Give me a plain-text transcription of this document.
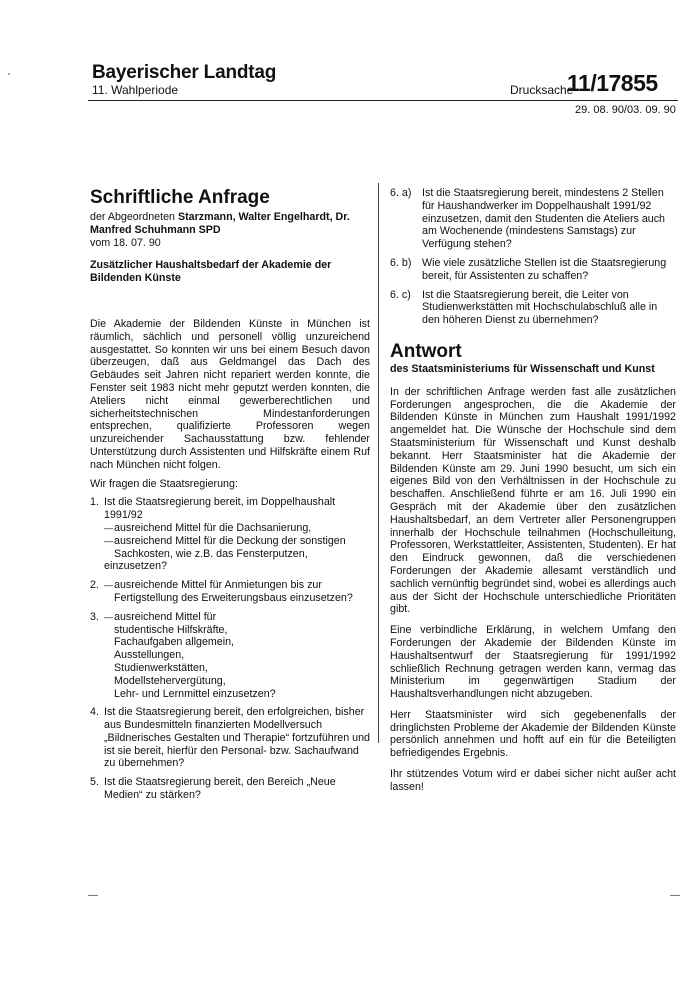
Bayerischer Landtag
11. Wahlperiode	Drucksache
11/17855
29. 08. 90/03. 09. 90
Schriftliche Anfrage

der Abgeordneten Starzmann, Walter Engelhardt, Dr. Manfred Schuhmann SPD

vom 18. 07. 90

Zusätzlicher Haushaltsbedarf der Akademie der Bildenden Künste

Die Akademie der Bildenden Künste in München ist räumlich, sächlich und personell völlig unzureichend ausgestattet. So konnten wir uns bei einem Besuch davon überzeugen, daß aus Geldmangel das Dach des Gebäudes seit Jahren nicht repariert werden konnte, die Fenster seit 1983 nicht mehr geputzt werden konnten, die Ateliers nicht einmal gewerberechtlichen und sicherheitstechnischen Mindestanforderungen entsprechen, qualifizierte Professoren wegen unzureichender Sachausstattung bzw. fehlender Unterstützung durch Assistenten und Hilfskräfte einem Ruf nach München nicht folgen.

Wir fragen die Staatsregierung:

1. Ist die Staatsregierung bereit, im Doppelhaushalt 1991/92
— ausreichend Mittel für die Dachsanierung,
— ausreichend Mittel für die Deckung der sonstigen Sachkosten, wie z.B. das Fensterputzen,

einzusetzen?

2.	— ausreichende Mittel für Anmietungen bis zur Fertigstellung des Erweiterungsbaus einzusetzen?
3.	— ausreichend Mittel für
studentische Hilfskräfte,
Fachaufgaben allgemein,
Ausstellungen,
Studienwerkstätten,
Modellstehervergütung,
Lehr- und Lernmittel einzusetzen?
4. Ist die Staatsregierung bereit, den erfolgreichen, bisher aus Bundesmitteln finanzierten Modellversuch „Bildnerisches Gestalten und Therapie“ fortzuführen und ist sie bereit, hierfür den Personal- bzw. Sachaufwand zu übernehmen?
5. Ist die Staatsregierung bereit, den Bereich „Neue Medien“ zu stärken?
6. a) Ist die Staatsregierung bereit, mindestens 2 Stellen für Haushandwerker im Doppelhaushalt 1991/92 einzusetzen, damit den Studenten die Ateliers auch am Wochenende (mindestens Samstags) zur Verfügung stehen?
6. b) Wie viele zusätzliche Stellen ist die Staatsregierung bereit, für Assistenten zu schaffen?
6. c) Ist die Staatsregierung bereit, die Leiter von Studienwerkstätten mit Hochschulabschluß alle in den höheren Dienst zu übernehmen?
Antwort

des Staatsministeriums für Wissenschaft und Kunst

In der schriftlichen Anfrage werden fast alle zusätzlichen Forderungen angesprochen, die die Akademie der Bildenden Künste in München zum Haushalt 1991/1992 angemeldet hat. Die Wünsche der Hochschule sind dem Staatsministerium für Wissenschaft und Kunst deshalb bekannt. Herr Staatsminister hat die Akademie der Bildenden Künste am 29. Juni 1990 besucht, um sich ein eigenes Bild von den Verhältnissen in der Hochschule zu beschaffen. Anschließend führte er am 16. Juli 1990 ein Gespräch mit der Akademie über den zusätzlichen Haushaltsbedarf, an dem Vertreter aller Personengruppen innerhalb der Hochschule teilnahmen (Hochschulleitung, Professoren, Werkstattleiter, Assistenten, Studenten). Er hat den Eindruck gewonnen, daß die verschiedenen Forderungen der Akademie allesamt verständlich und sachlich vernünftig begründet sind, wobei es allerdings auch aus der Sicht der Hochschule unterschiedliche Prioritäten gibt.

Eine verbindliche Erklärung, in welchem Umfang den Forderungen der Akademie der Bildenden Künste im Haushaltsentwurf der Staatsregierung für 1991/1992 schließlich Rechnung getragen werden kann, vermag das Ministerium im gegenwärtigen Stadium der Haushaltsverhandlungen nicht abzugeben.

Herr Staatsminister wird sich gegebenenfalls der dringlichsten Probleme der Akademie der Bildenden Künste persönlich annehmen und hofft auf ein für die Beteiligten befriedigendes Ergebnis.

Ihr stützendes Votum wird er dabei sicher nicht außer acht lassen!

'
—	—
